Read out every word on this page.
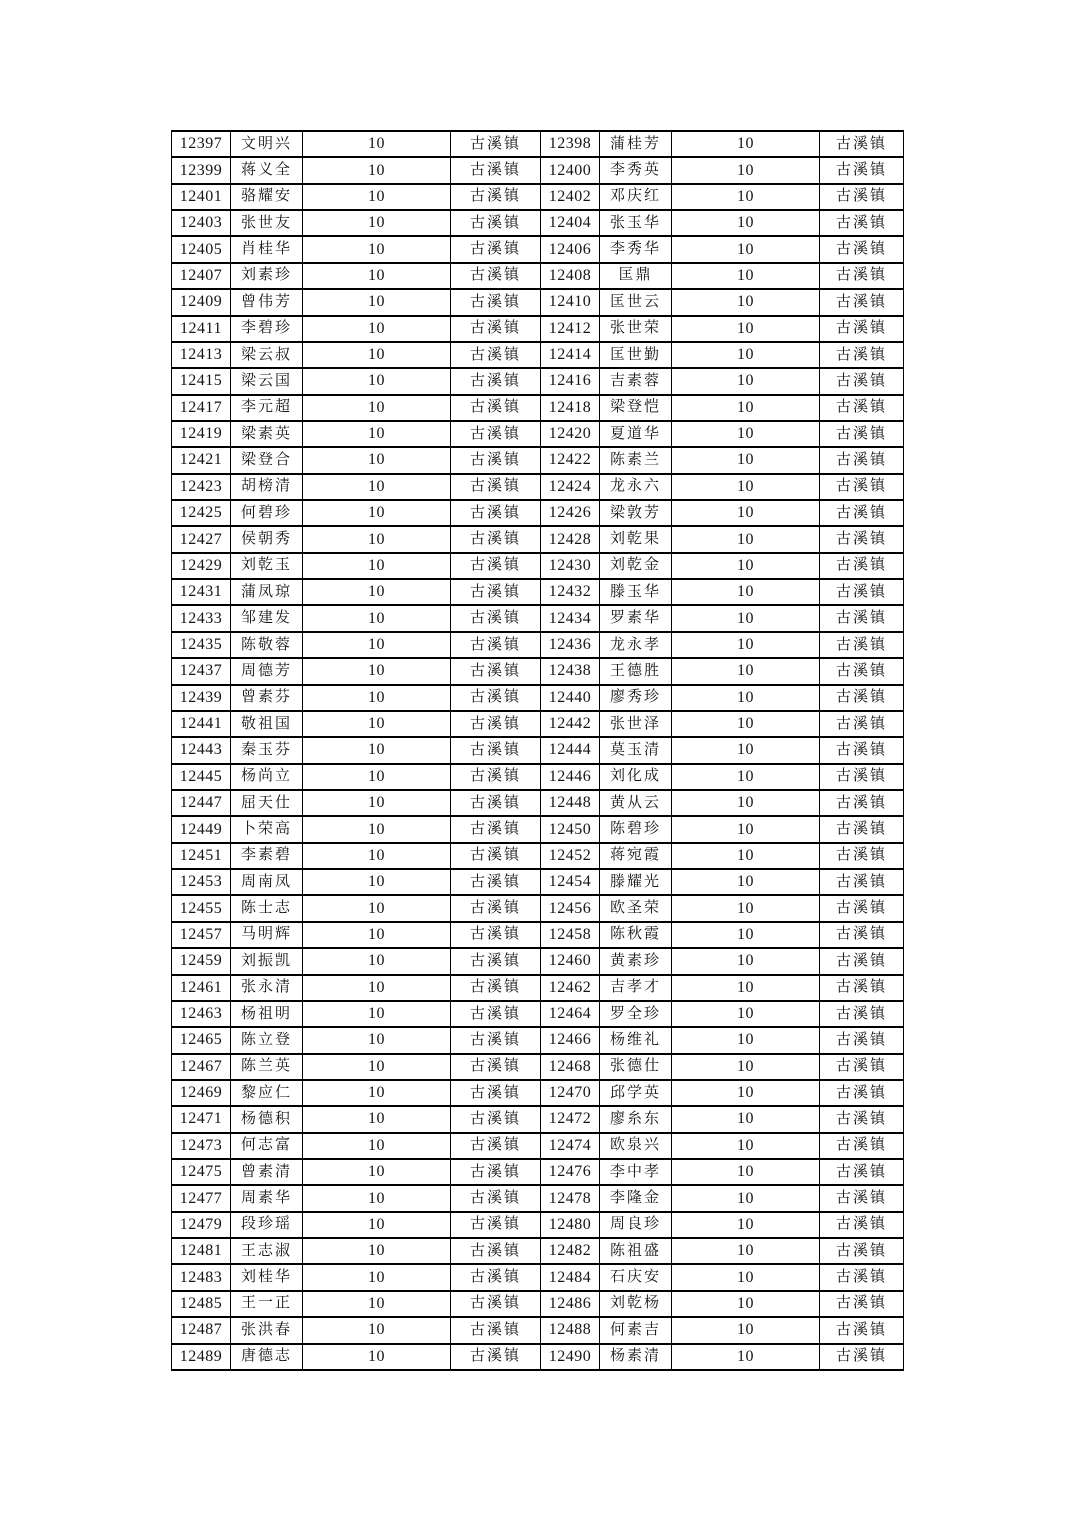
12397	文明兴	10	古溪镇	12398	蒲桂芳	10	古溪镇
12399	蒋义全	10	古溪镇	12400	李秀英	10	古溪镇
12401	骆耀安	10	古溪镇	12402	邓庆红	10	古溪镇
12403	张世友	10	古溪镇	12404	张玉华	10	古溪镇
12405	肖桂华	10	古溪镇	12406	李秀华	10	古溪镇
12407	刘素珍	10	古溪镇	12408	匡鼎	10	古溪镇
12409	曾伟芳	10	古溪镇	12410	匡世云	10	古溪镇
12411	李碧珍	10	古溪镇	12412	张世荣	10	古溪镇
12413	梁云叔	10	古溪镇	12414	匡世勤	10	古溪镇
12415	梁云国	10	古溪镇	12416	吉素蓉	10	古溪镇
12417	李元超	10	古溪镇	12418	梁登恺	10	古溪镇
12419	梁素英	10	古溪镇	12420	夏道华	10	古溪镇
12421	梁登合	10	古溪镇	12422	陈素兰	10	古溪镇
12423	胡榜清	10	古溪镇	12424	龙永六	10	古溪镇
12425	何碧珍	10	古溪镇	12426	梁敦芳	10	古溪镇
12427	侯朝秀	10	古溪镇	12428	刘乾果	10	古溪镇
12429	刘乾玉	10	古溪镇	12430	刘乾金	10	古溪镇
12431	蒲凤琼	10	古溪镇	12432	滕玉华	10	古溪镇
12433	邹建发	10	古溪镇	12434	罗素华	10	古溪镇
12435	陈敬蓉	10	古溪镇	12436	龙永孝	10	古溪镇
12437	周德芳	10	古溪镇	12438	王德胜	10	古溪镇
12439	曾素芬	10	古溪镇	12440	廖秀珍	10	古溪镇
12441	敬祖国	10	古溪镇	12442	张世泽	10	古溪镇
12443	秦玉芬	10	古溪镇	12444	莫玉清	10	古溪镇
12445	杨尚立	10	古溪镇	12446	刘化成	10	古溪镇
12447	屈天仕	10	古溪镇	12448	黄从云	10	古溪镇
12449	卜荣高	10	古溪镇	12450	陈碧珍	10	古溪镇
12451	李素碧	10	古溪镇	12452	蒋宛霞	10	古溪镇
12453	周南凤	10	古溪镇	12454	滕耀光	10	古溪镇
12455	陈士志	10	古溪镇	12456	欧圣荣	10	古溪镇
12457	马明辉	10	古溪镇	12458	陈秋霞	10	古溪镇
12459	刘振凯	10	古溪镇	12460	黄素珍	10	古溪镇
12461	张永清	10	古溪镇	12462	吉孝才	10	古溪镇
12463	杨祖明	10	古溪镇	12464	罗全珍	10	古溪镇
12465	陈立登	10	古溪镇	12466	杨维礼	10	古溪镇
12467	陈兰英	10	古溪镇	12468	张德仕	10	古溪镇
12469	黎应仁	10	古溪镇	12470	邱学英	10	古溪镇
12471	杨德积	10	古溪镇	12472	廖糸东	10	古溪镇
12473	何志富	10	古溪镇	12474	欧泉兴	10	古溪镇
12475	曾素清	10	古溪镇	12476	李中孝	10	古溪镇
12477	周素华	10	古溪镇	12478	李隆金	10	古溪镇
12479	段珍瑶	10	古溪镇	12480	周良珍	10	古溪镇
12481	王志淑	10	古溪镇	12482	陈祖盛	10	古溪镇
12483	刘桂华	10	古溪镇	12484	石庆安	10	古溪镇
12485	王一正	10	古溪镇	12486	刘乾杨	10	古溪镇
12487	张洪春	10	古溪镇	12488	何素吉	10	古溪镇
12489	唐德志	10	古溪镇	12490	杨素清	10	古溪镇
